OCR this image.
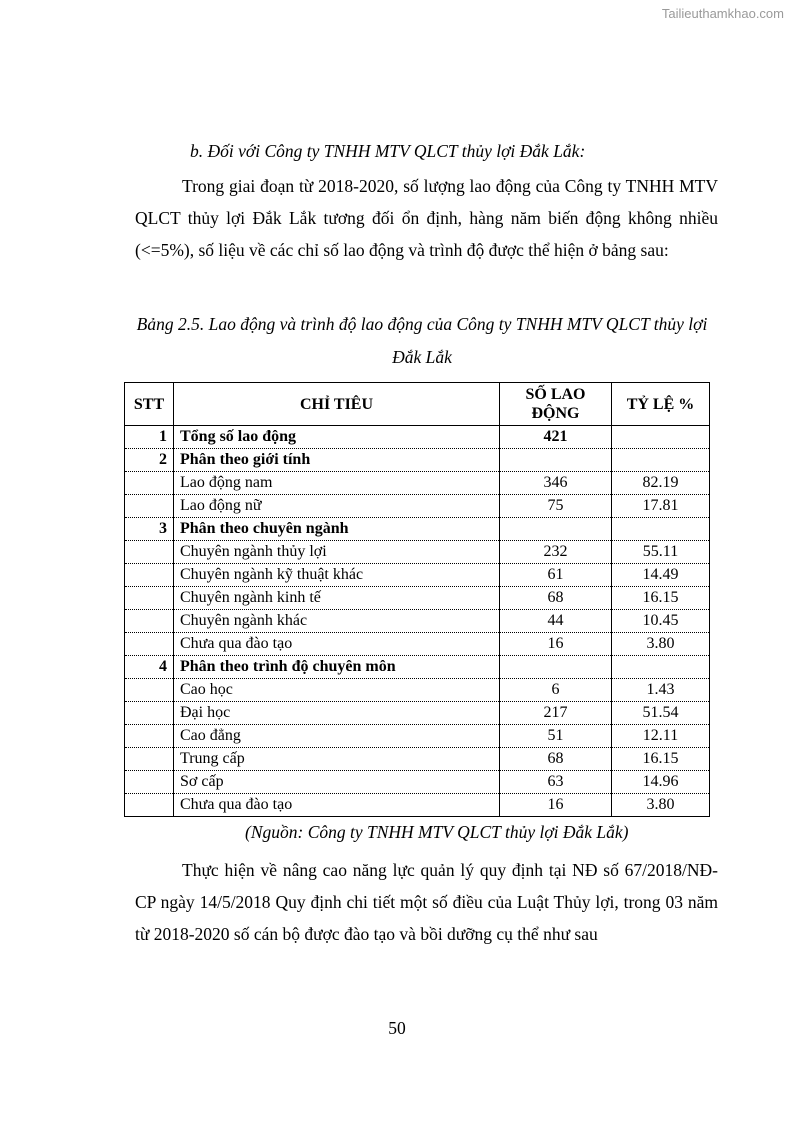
Tailieuthamkhao.com
b. Đối với Công ty TNHH MTV QLCT thủy lợi Đắk Lắk:

Trong giai đoạn từ 2018-2020, số lượng lao động của Công ty TNHH MTV QLCT thủy lợi Đắk Lắk tương đối ổn định, hàng năm biến động không nhiều (<=5%), số liệu về các chỉ số lao động và trình độ được thể hiện ở bảng sau:

Bảng 2.5. Lao động và trình độ lao động của Công ty TNHH MTV QLCT thủy lợi Đắk Lắk

STT	CHỈ TIÊU	SỐ LAO ĐỘNG	TỶ LỆ %
1	Tổng số lao động	421	
2	Phân theo giới tính		
	Lao động nam	346	82.19
	Lao động nữ	75	17.81
3	Phân theo chuyên ngành		
	Chuyên ngành thủy lợi	232	55.11
	Chuyên ngành kỹ thuật khác	61	14.49
	Chuyên ngành kinh tế	68	16.15
	Chuyên ngành khác	44	10.45
	Chưa qua đào tạo	16	3.80
4	Phân theo trình độ chuyên môn		
	Cao học	6	1.43
	Đại học	217	51.54
	Cao đẳng	51	12.11
	Trung cấp	68	16.15
	Sơ cấp	63	14.96
	Chưa qua đào tạo	16	3.80
(Nguồn: Công ty TNHH MTV QLCT thủy lợi Đắk Lắk)

Thực hiện về nâng cao năng lực quản lý quy định tại NĐ số 67/2018/NĐ-CP ngày 14/5/2018 Quy định chi tiết một số điều của Luật Thủy lợi, trong 03 năm từ 2018-2020 số cán bộ được đào tạo và bồi dưỡng cụ thể như sau

50
